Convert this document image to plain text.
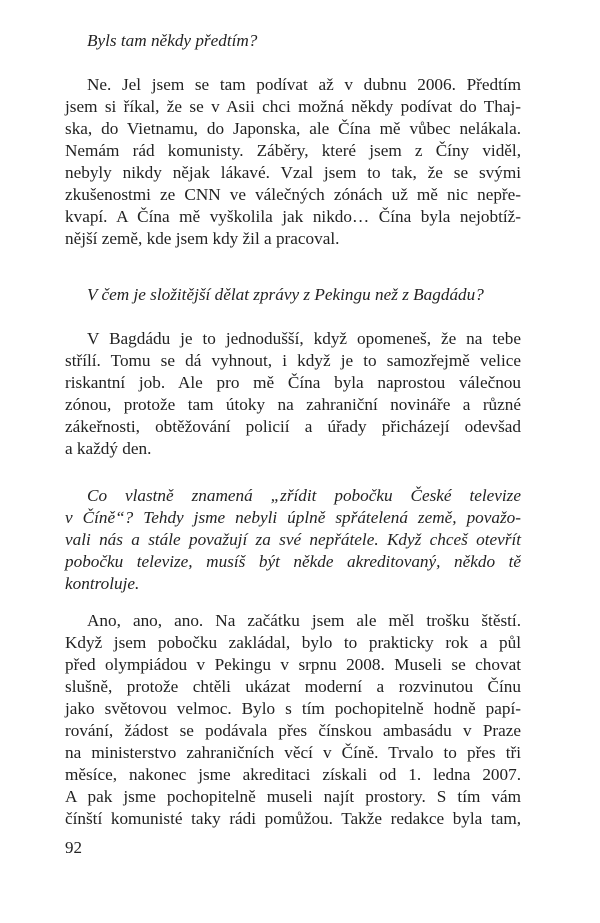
Byls tam někdy předtím?

Ne. Jel jsem se tam podívat až v dubnu 2006. Předtím
jsem si říkal, že se v Asii chci možná někdy podívat do Thaj-
ska, do Vietnamu, do Japonska, ale Čína mě vůbec nelákala.
Nemám rád komunisty. Záběry, které jsem z Číny viděl,
nebyly nikdy nějak lákavé. Vzal jsem to tak, že se svými
zkušenostmi ze CNN ve válečných zónách už mě nic nepře-
kvapí. A Čína mě vyškolila jak nikdo… Čína byla nejobtíž-
nější země, kde jsem kdy žil a pracoval.

V čem je složitější dělat zprávy z Pekingu než z Bagdádu?

V Bagdádu je to jednodušší, když opomeneš, že na tebe
střílí. Tomu se dá vyhnout, i když je to samozřejmě velice
riskantní job. Ale pro mě Čína byla naprostou válečnou
zónou, protože tam útoky na zahraniční novináře a různé
zákeřnosti, obtěžování policií a úřady přicházejí odevšad
a každý den.

Co vlastně znamená „zřídit pobočku České televize
v Číně“? Tehdy jsme nebyli úplně spřátelená země, považo-
vali nás a stále považují za své nepřátele. Když chceš otevřít
pobočku televize, musíš být někde akreditovaný, někdo tě
kontroluje.

Ano, ano, ano. Na začátku jsem ale měl trošku štěstí.
Když jsem pobočku zakládal, bylo to prakticky rok a půl
před olympiádou v Pekingu v srpnu 2008. Museli se chovat
slušně, protože chtěli ukázat moderní a rozvinutou Čínu
jako světovou velmoc. Bylo s tím pochopitelně hodně papí-
rování, žádost se podávala přes čínskou ambasádu v Praze
na ministerstvo zahraničních věcí v Číně. Trvalo to přes tři
měsíce, nakonec jsme akreditaci získali od 1. ledna 2007.
A pak jsme pochopitelně museli najít prostory. S tím vám
čínští komunisté taky rádi pomůžou. Takže redakce byla tam,

92
